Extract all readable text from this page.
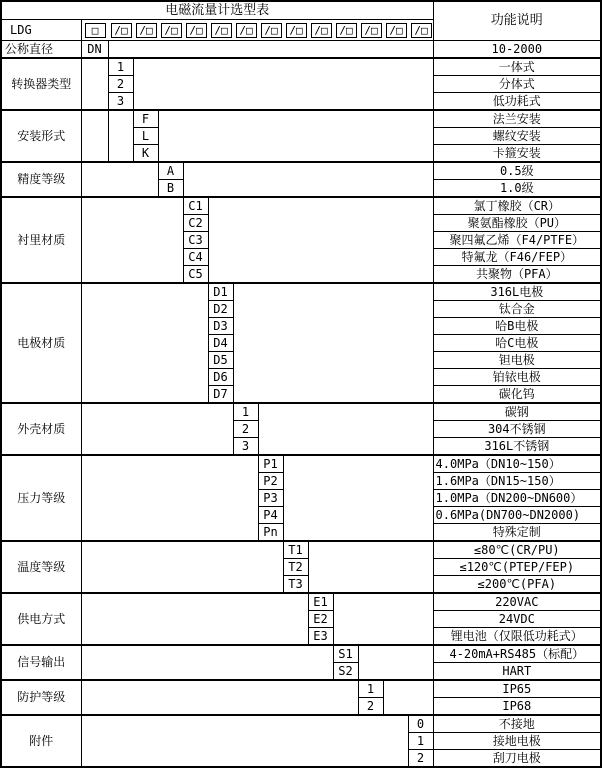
电磁流量计选型表															功能说明
LDG	□	/□	/□	/□	/□	/□	/□	/□	/□	/□	/□	/□	/□	/□

公称直径	DN														10-2000
转换器类型		1													一体式
		2													分体式
		3													低功耗式
安装形式			F												法兰安装
			L												螺纹安装
			K												卡箍安装
精度等级				A											0.5级
				B											1.0级
衬里材质					C1										氯丁橡胶（CR）
					C2										聚氨酯橡胶（PU）
					C3										聚四氟乙烯（F4/PTFE）
					C4										特氟龙（F46/FEP）
					C5										共聚物（PFA）
电极材质						D1									316L电极
						D2									钛合金
						D3									哈B电极
						D4									哈C电极
						D5									钽电极
						D6									铂铱电极
						D7									碳化钨
外壳材质							1								碳钢
							2								304不锈钢
							3								316L不锈钢
压力等级								P1							4.0MPa（DN10~150）
								P2							1.6MPa（DN15~150）
								P3							1.0MPa（DN200~DN600）
								P4							0.6MPa(DN700~DN2000)
								Pn							特殊定制
温度等级									T1						≤80℃(CR/PU)
									T2						≤120℃(PTEP/FEP)
									T3						≤200℃(PFA)
供电方式										E1					220VAC
										E2					24VDC
										E3					锂电池（仅限低功耗式）
信号输出											S1				4-20mA+RS485（标配）
											S2				HART
防护等级												1			IP65
												2			IP68
附件														0	不接地
														1	接地电极
														2	刮刀电极
